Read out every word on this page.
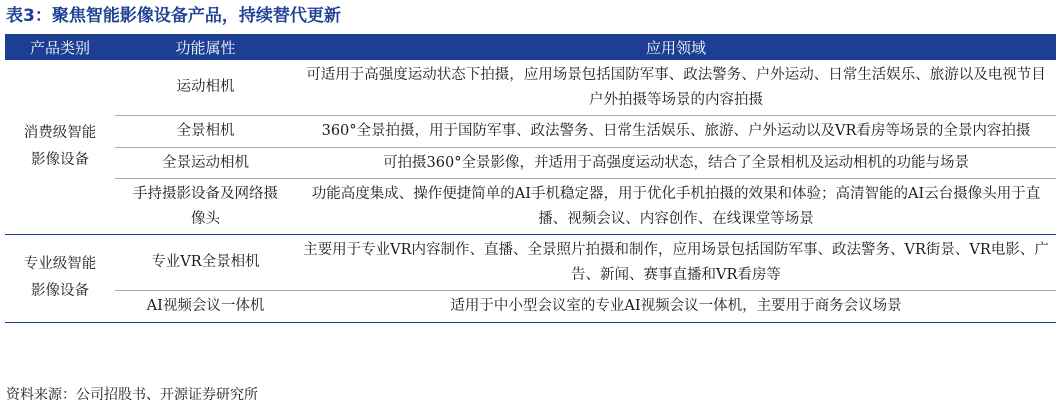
表3：聚焦智能影像设备产品，持续替代更新
产品类别	功能属性	应用领域

消费级智能影像设备	运动相机	可适用于高强度运动状态下拍摄，应用场景包括国防军事、政法警务、户外运动、日常生活娱乐、旅游以及电视节目户外拍摄等场景的内容拍摄
	全景相机	360°全景拍摄，用于国防军事、政法警务、日常生活娱乐、旅游、户外运动以及VR看房等场景的全景内容拍摄
	全景运动相机	可拍摄360°全景影像，并适用于高强度运动状态，结合了全景相机及运动相机的功能与场景

	手持摄影设备及网络摄像头	功能高度集成、操作便捷简单的AI手机稳定器，用于优化手机拍摄的效果和体验；高清智能的AI云台摄像头用于直播、视频会议、内容创作、在线课堂等场景

专业级智能影像设备	专业VR全景相机	主要用于专业VR内容制作、直播、全景照片拍摄和制作，应用场景包括国防军事、政法警务、VR街景、VR电影、广告、新闻、赛事直播和VR看房等
	AI视频会议一体机	适用于中小型会议室的专业AI视频会议一体机，主要用于商务会议场景
资料来源：公司招股书、开源证券研究所
